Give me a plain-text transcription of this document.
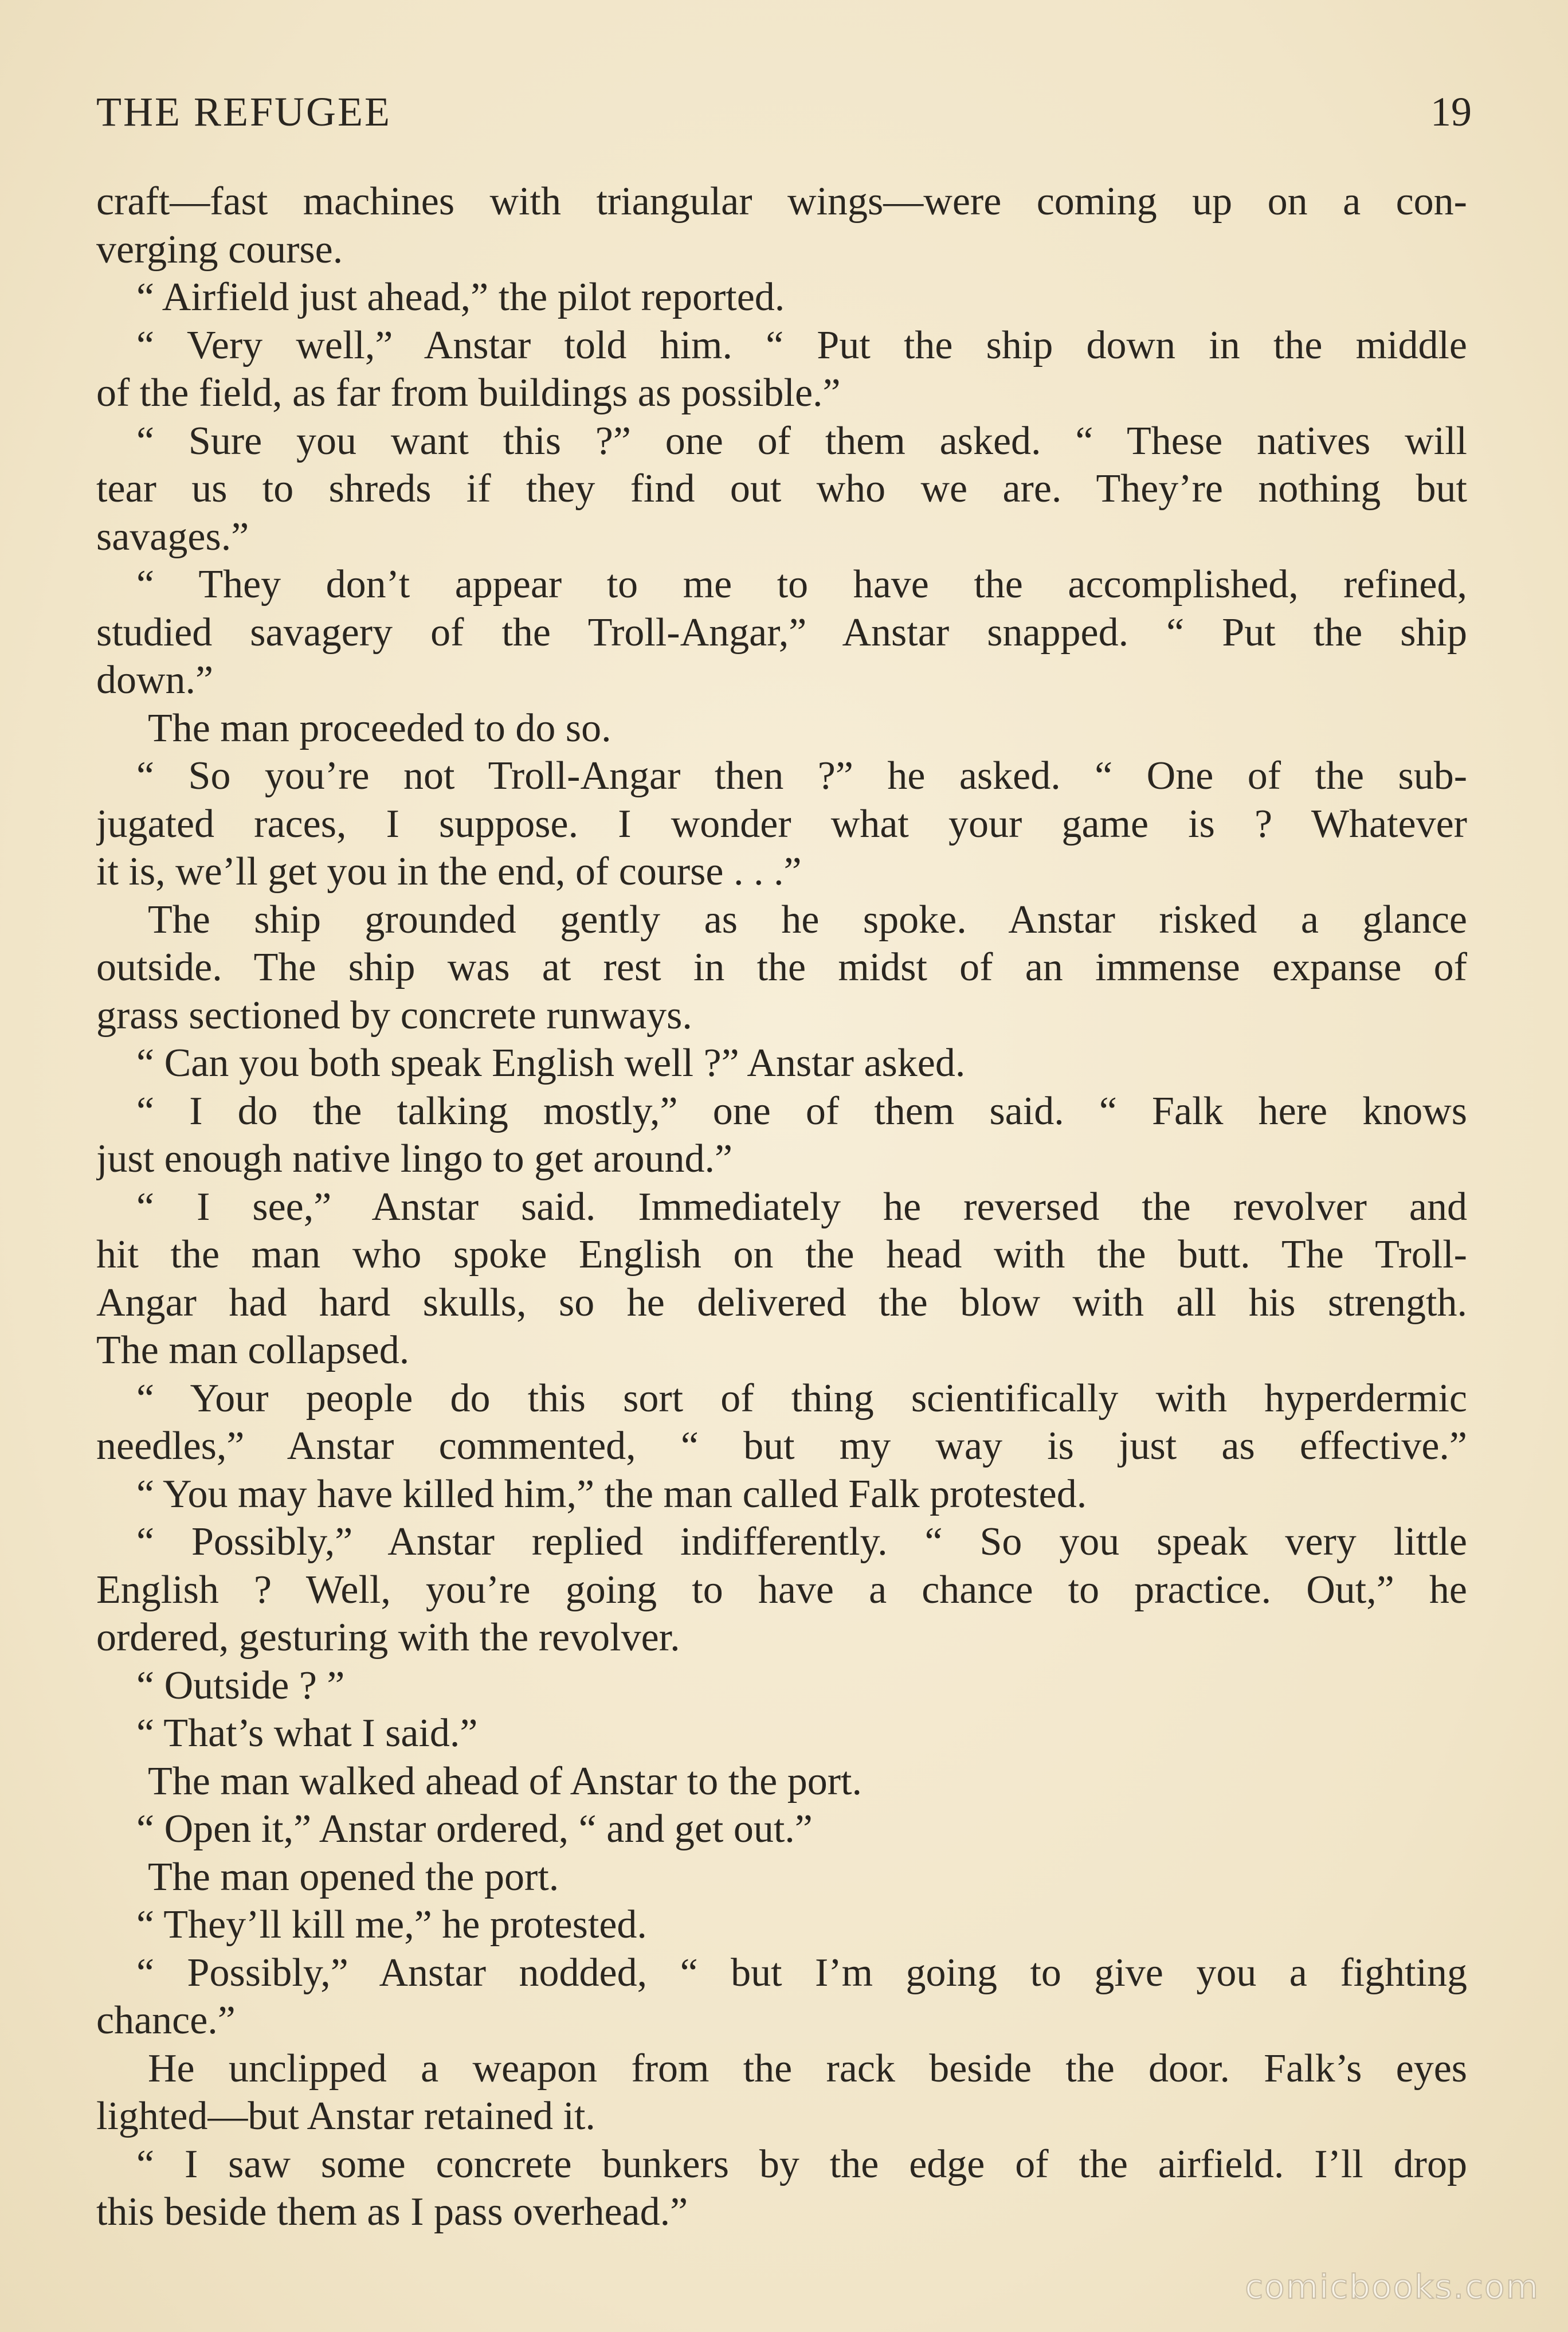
THE REFUGEE	19
craft—fast machines with triangular wings—were coming up on a con-
verging course.
“ Airfield just ahead,” the pilot reported.
“ Very well,” Anstar told him. “ Put the ship down in the middle
of the field, as far from buildings as possible.”
“ Sure you want this ?” one of them asked. “ These natives will
tear us to shreds if they find out who we are. They’re nothing but
savages.”
“ They don’t appear to me to have the accomplished, refined,
studied savagery of the Troll-Angar,” Anstar snapped. “ Put the ship
down.”
The man proceeded to do so.
“ So you’re not Troll-Angar then ?” he asked. “ One of the sub-
jugated races, I suppose. I wonder what your game is ? Whatever
it is, we’ll get you in the end, of course . . .”
The ship grounded gently as he spoke. Anstar risked a glance
outside. The ship was at rest in the midst of an immense expanse of
grass sectioned by concrete runways.
“ Can you both speak English well ?” Anstar asked.
“ I do the talking mostly,” one of them said. “ Falk here knows
just enough native lingo to get around.”
“ I see,” Anstar said. Immediately he reversed the revolver and
hit the man who spoke English on the head with the butt. The Troll-
Angar had hard skulls, so he delivered the blow with all his strength.
The man collapsed.
“ Your people do this sort of thing scientifically with hyperdermic
needles,” Anstar commented, “ but my way is just as effective.”
“ You may have killed him,” the man called Falk protested.
“ Possibly,” Anstar replied indifferently. “ So you speak very little
English ? Well, you’re going to have a chance to practice. Out,” he
ordered, gesturing with the revolver.
“ Outside ? ”
“ That’s what I said.”
The man walked ahead of Anstar to the port.
“ Open it,” Anstar ordered, “ and get out.”
The man opened the port.
“ They’ll kill me,” he protested.
“ Possibly,” Anstar nodded, “ but I’m going to give you a fighting
chance.”
He unclipped a weapon from the rack beside the door. Falk’s eyes
lighted—but Anstar retained it.
“ I saw some concrete bunkers by the edge of the airfield. I’ll drop
this beside them as I pass overhead.”
comicbooks.com
